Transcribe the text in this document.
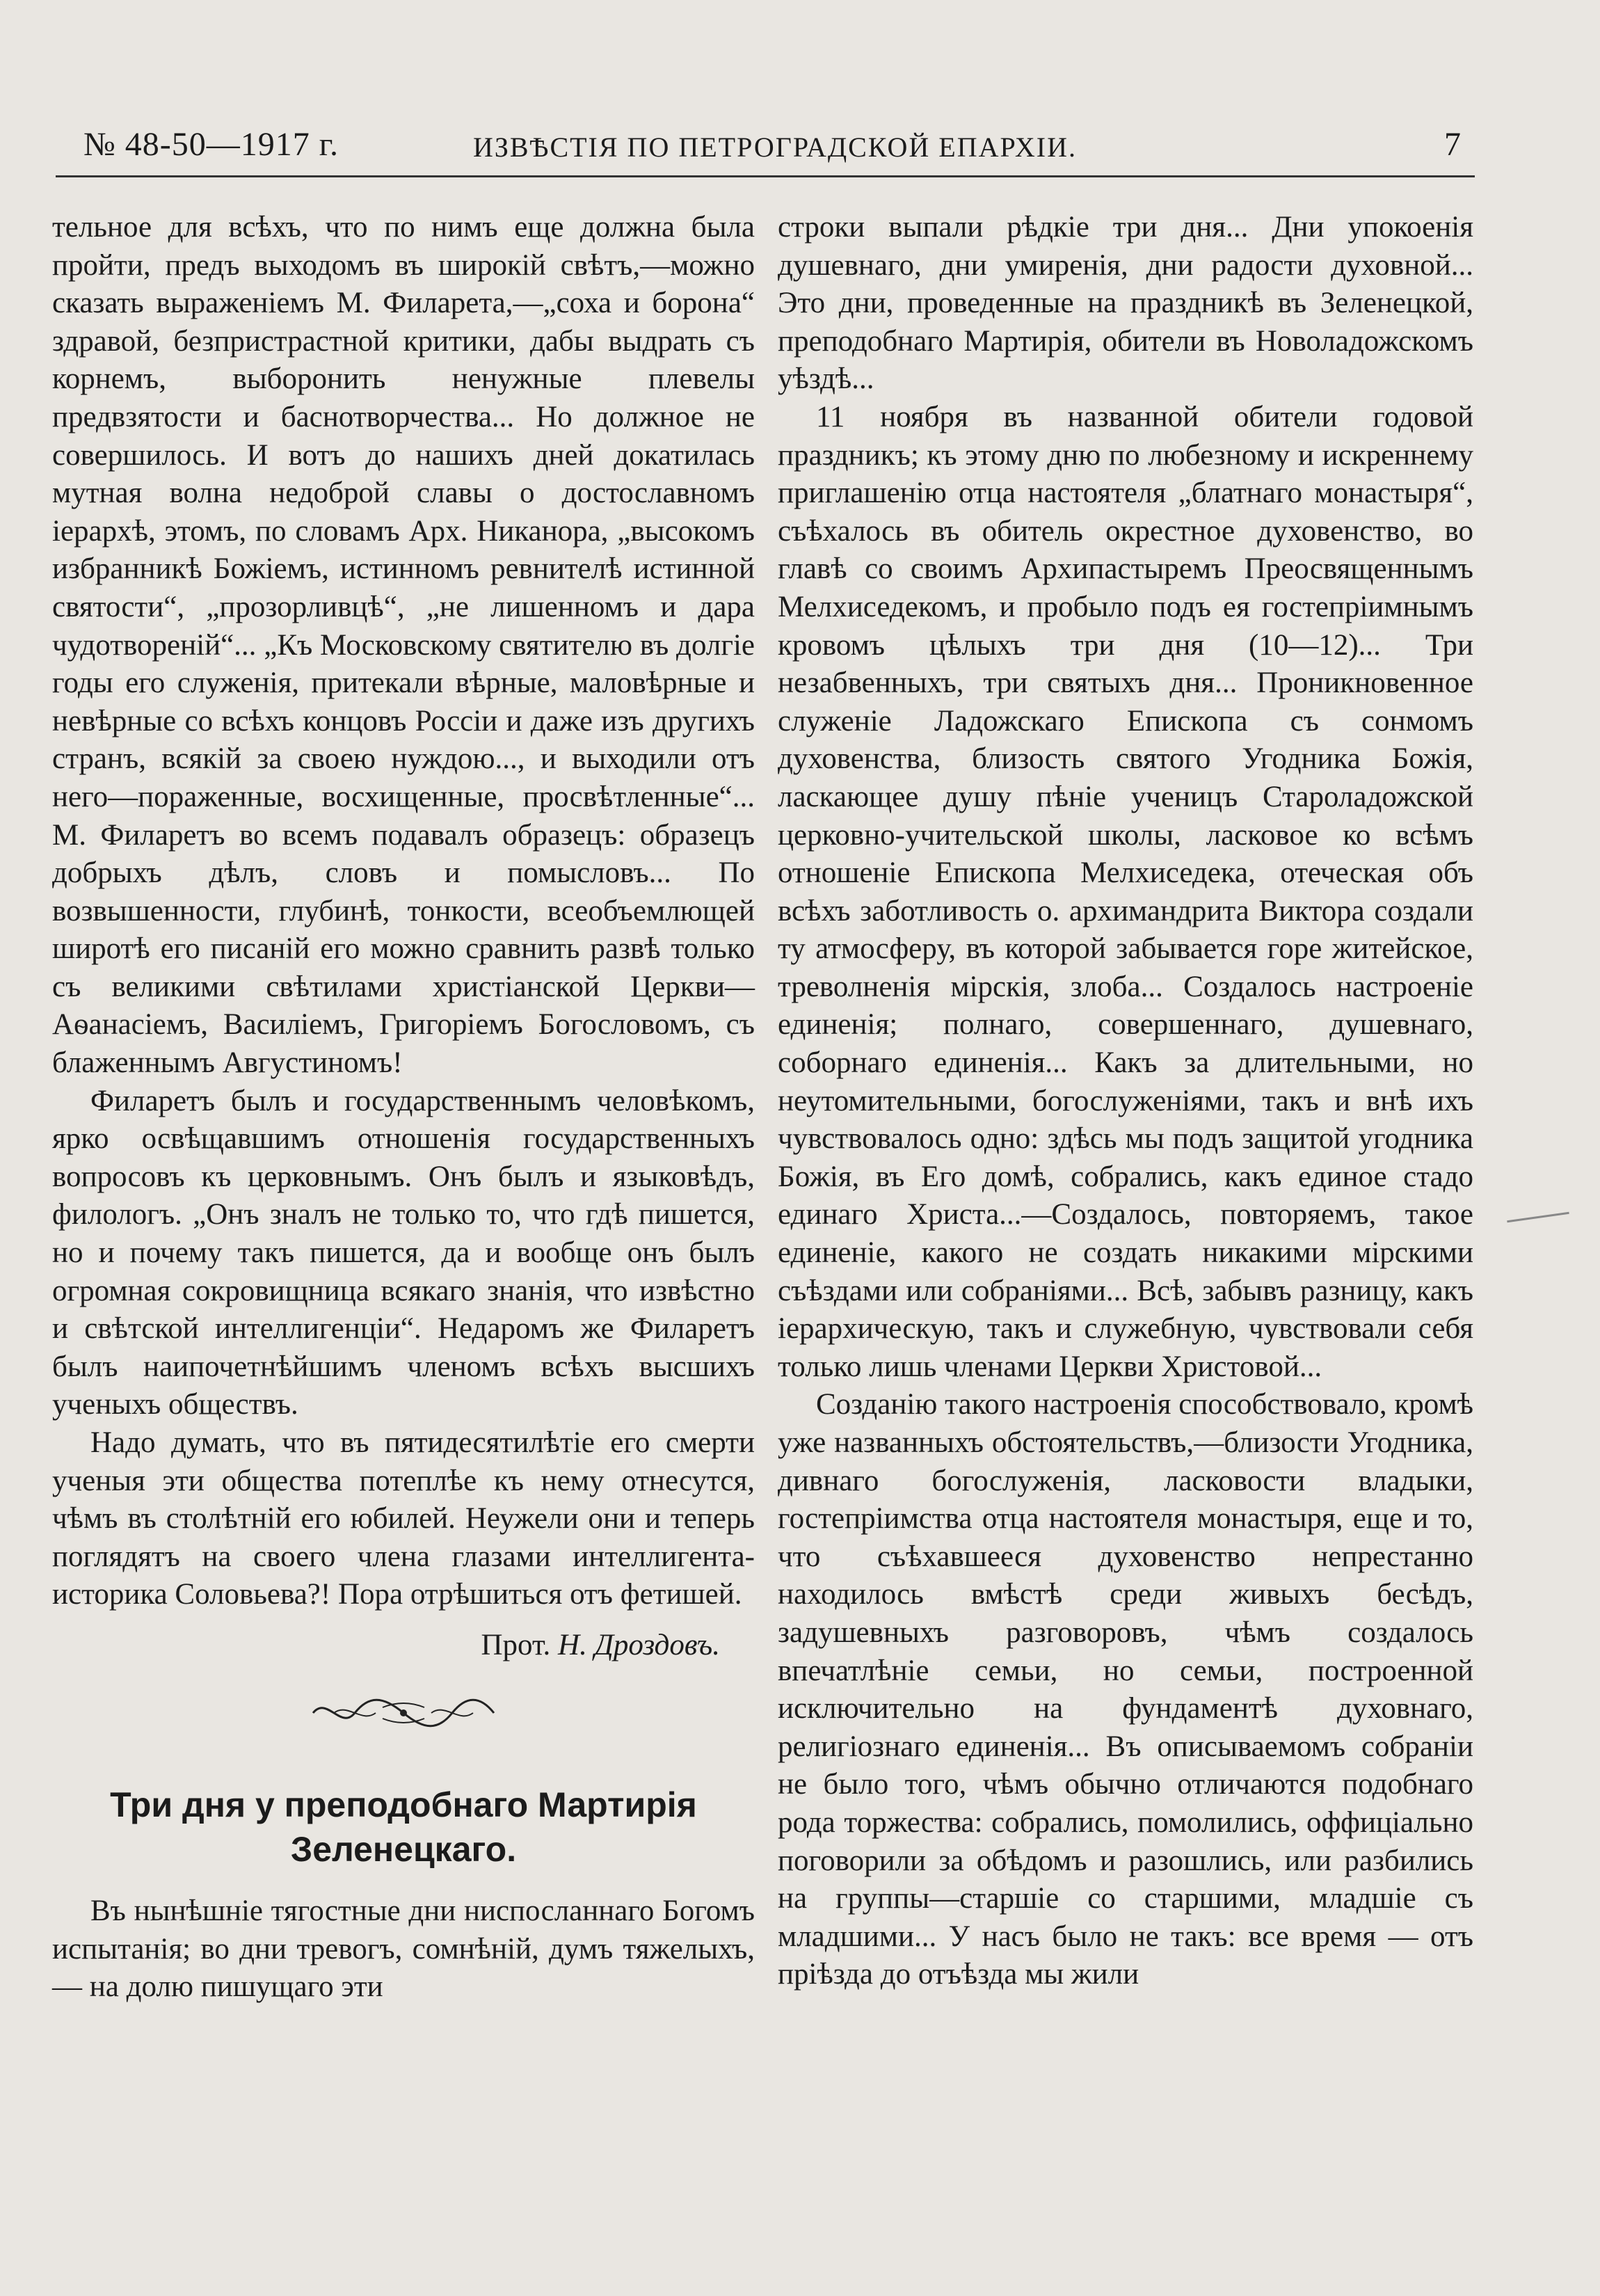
№ 48-50—1917 г.	ИЗВѢСТІЯ ПО ПЕТРОГРАДСКОЙ ЕПАРХІИ.	7

тельное для всѣхъ, что по нимъ еще должна была пройти, предъ выходомъ въ широкій свѣтъ,—можно сказать выраженіемъ М. Филарета,—„соха и борона“ здравой, безпристрастной критики, дабы выдрать съ корнемъ, выборонить ненужные плевелы предвзятости и баснотворчества... Но должное не совершилось. И вотъ до нашихъ дней докатилась мутная волна недоброй славы о достославномъ іерархѣ, этомъ, по словамъ Арх. Никанора, „высокомъ избранникѣ Божіемъ, истинномъ ревнителѣ истинной святости“, „прозорливцѣ“, „не лишенномъ и дара чудотвореній“... „Къ Московскому святителю въ долгіе годы его служенія, притекали вѣрные, маловѣрные и невѣрные со всѣхъ концовъ Россіи и даже изъ другихъ странъ, всякій за своею нуждою..., и выходили отъ него—пораженные, восхищенные, просвѣтленные“... М. Филаретъ во всемъ подавалъ образецъ: образецъ добрыхъ дѣлъ, словъ и помысловъ... По возвышенности, глубинѣ, тонкости, всеобъемлющей широтѣ его писаній его можно сравнить развѣ только съ великими свѣтилами христіанской Церкви—Аѳанасіемъ, Василіемъ, Григоріемъ Богословомъ, съ блаженнымъ Августиномъ!

Филаретъ былъ и государственнымъ человѣкомъ, ярко освѣщавшимъ отношенія государственныхъ вопросовъ къ церковнымъ. Онъ былъ и языковѣдъ, филологъ. „Онъ зналъ не только то, что гдѣ пишется, но и почему такъ пишется, да и вообще онъ былъ огромная сокровищница всякаго знанія, что извѣстно и свѣтской интеллигенціи“. Недаромъ же Филаретъ былъ наипочетнѣйшимъ членомъ всѣхъ высшихъ ученыхъ обществъ.

Надо думать, что въ пятидесятилѣтіе его смерти ученыя эти общества потеплѣе къ нему отнесутся, чѣмъ въ столѣтній его юбилей. Неужели они и теперь поглядятъ на своего члена глазами интеллигента-историка Соловьева?! Пора отрѣшиться отъ фетишей.

Прот. Н. Дроздовъ.
Три дня у преподобнаго Мартирія
Зеленецкаго.

Въ нынѣшніе тягостные дни ниспосланнаго Богомъ испытанія; во дни тревогъ, сомнѣній, думъ тяжелыхъ, — на долю пишущаго эти

строки выпали рѣдкіе три дня... Дни упокоенія душевнаго, дни умиренія, дни радости духовной... Это дни, проведенные на праздникѣ въ Зеленецкой, преподобнаго Мартирія, обители въ Новоладожскомъ уѣздѣ...

11 ноября въ названной обители годовой праздникъ; къ этому дню по любезному и искреннему приглашенію отца настоятеля „блатнаго монастыря“, съѣхалось въ обитель окрестное духовенство, во главѣ со своимъ Архипастыремъ Преосвященнымъ Мелхиседекомъ, и пробыло подъ ея гостепріимнымъ кровомъ цѣлыхъ три дня (10—12)... Три незабвенныхъ, три святыхъ дня... Проникновенное служеніе Ладожскаго Епископа съ сонмомъ духовенства, близость святого Угодника Божія, ласкающее душу пѣніе ученицъ Староладожской церковно-учительской школы, ласковое ко всѣмъ отношеніе Епископа Мелхиседека, отеческая объ всѣхъ заботливость о. архимандрита Виктора создали ту атмосферу, въ которой забывается горе житейское, треволненія мірскія, злоба... Создалось настроеніе единенія; полнаго, совершеннаго, душевнаго, соборнаго единенія... Какъ за длительными, но неутомительными, богослуженіями, такъ и внѣ ихъ чувствовалось одно: здѣсь мы подъ защитой угодника Божія, въ Его домѣ, собрались, какъ единое стадо единаго Христа...—Создалось, повторяемъ, такое единеніе, какого не создать никакими мірскими съѣздами или собраніями... Всѣ, забывъ разницу, какъ іерархическую, такъ и служебную, чувствовали себя только лишь членами Церкви Христовой...

Созданію такого настроенія способствовало, кромѣ уже названныхъ обстоятельствъ,—близости Угодника, дивнаго богослуженія, ласковости владыки, гостепріимства отца настоятеля монастыря, еще и то, что съѣхавшееся духовенство непрестанно находилось вмѣстѣ среди живыхъ бесѣдъ, задушевныхъ разговоровъ, чѣмъ создалось впечатлѣніе семьи, но семьи, построенной исключительно на фундаментѣ духовнаго, религіознаго единенія... Въ описываемомъ собраніи не было того, чѣмъ обычно отличаются подобнаго рода торжества: собрались, помолились, оффиціально поговорили за обѣдомъ и разошлись, или разбились на группы—старшіе со старшими, младшіе съ младшими... У насъ было не такъ: все время — отъ пріѣзда до отъѣзда мы жили
